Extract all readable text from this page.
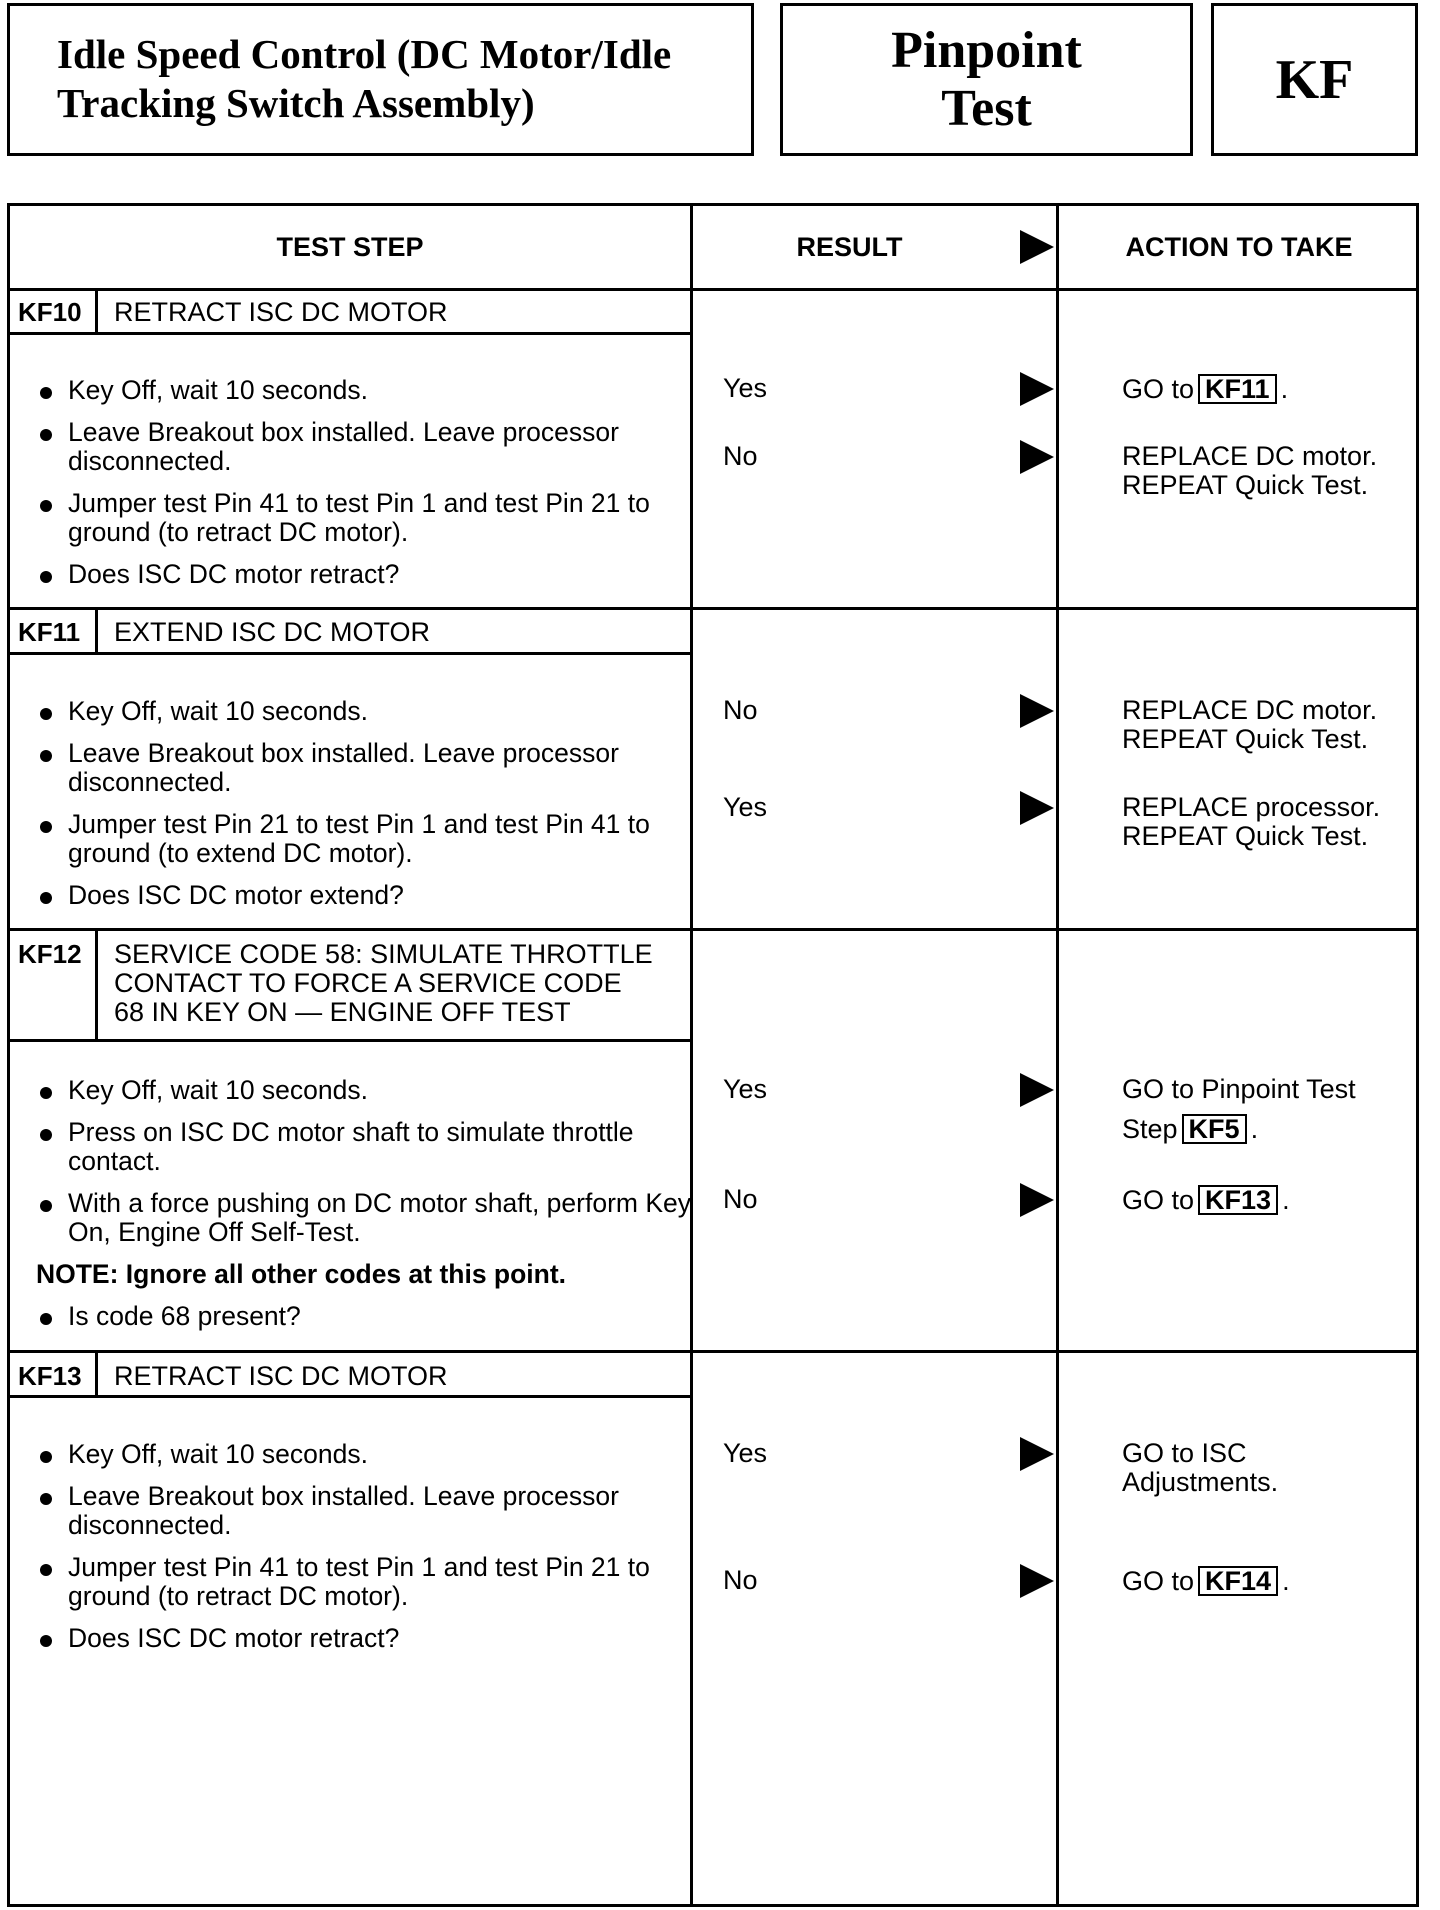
Idle Speed Control (DC Motor/Idle
Tracking Switch Assembly)
Pinpoint
Test	KF
TEST STEP	RESULT	ACTION TO TAKE
KF10 RETRACT ISC DC MOTOR
Key Off, wait 10 seconds.
Leave Breakout box installed. Leave processor disconnected.
Jumper test Pin 41 to test Pin 1 and test Pin 21 to ground (to retract DC motor).
Does ISC DC motor retract?
Yes	GO to KF11 .
No	REPLACE DC motor.
REPEAT Quick Test.
KF11 EXTEND ISC DC MOTOR
Key Off, wait 10 seconds.
Leave Breakout box installed. Leave processor disconnected.
Jumper test Pin 21 to test Pin 1 and test Pin 41 to ground (to extend DC motor).
Does ISC DC motor extend?
No	REPLACE DC motor.
REPEAT Quick Test.
Yes	REPLACE processor.
REPEAT Quick Test.
KF12 SERVICE CODE 58: SIMULATE THROTTLE
CONTACT TO FORCE A SERVICE CODE
68 IN KEY ON — ENGINE OFF TEST
Key Off, wait 10 seconds.
Press on ISC DC motor shaft to simulate throttle contact.
With a force pushing on DC motor shaft, perform Key On, Engine Off Self-Test.
NOTE: Ignore all other codes at this point.
Is code 68 present?
Yes	GO to Pinpoint Test
Step KF5 .
No	GO to KF13 .
KF13 RETRACT ISC DC MOTOR
Key Off, wait 10 seconds.
Leave Breakout box installed. Leave processor disconnected.
Jumper test Pin 41 to test Pin 1 and test Pin 21 to ground (to retract DC motor).
Does ISC DC motor retract?
Yes	GO to ISC
Adjustments.
No	GO to KF14 .
